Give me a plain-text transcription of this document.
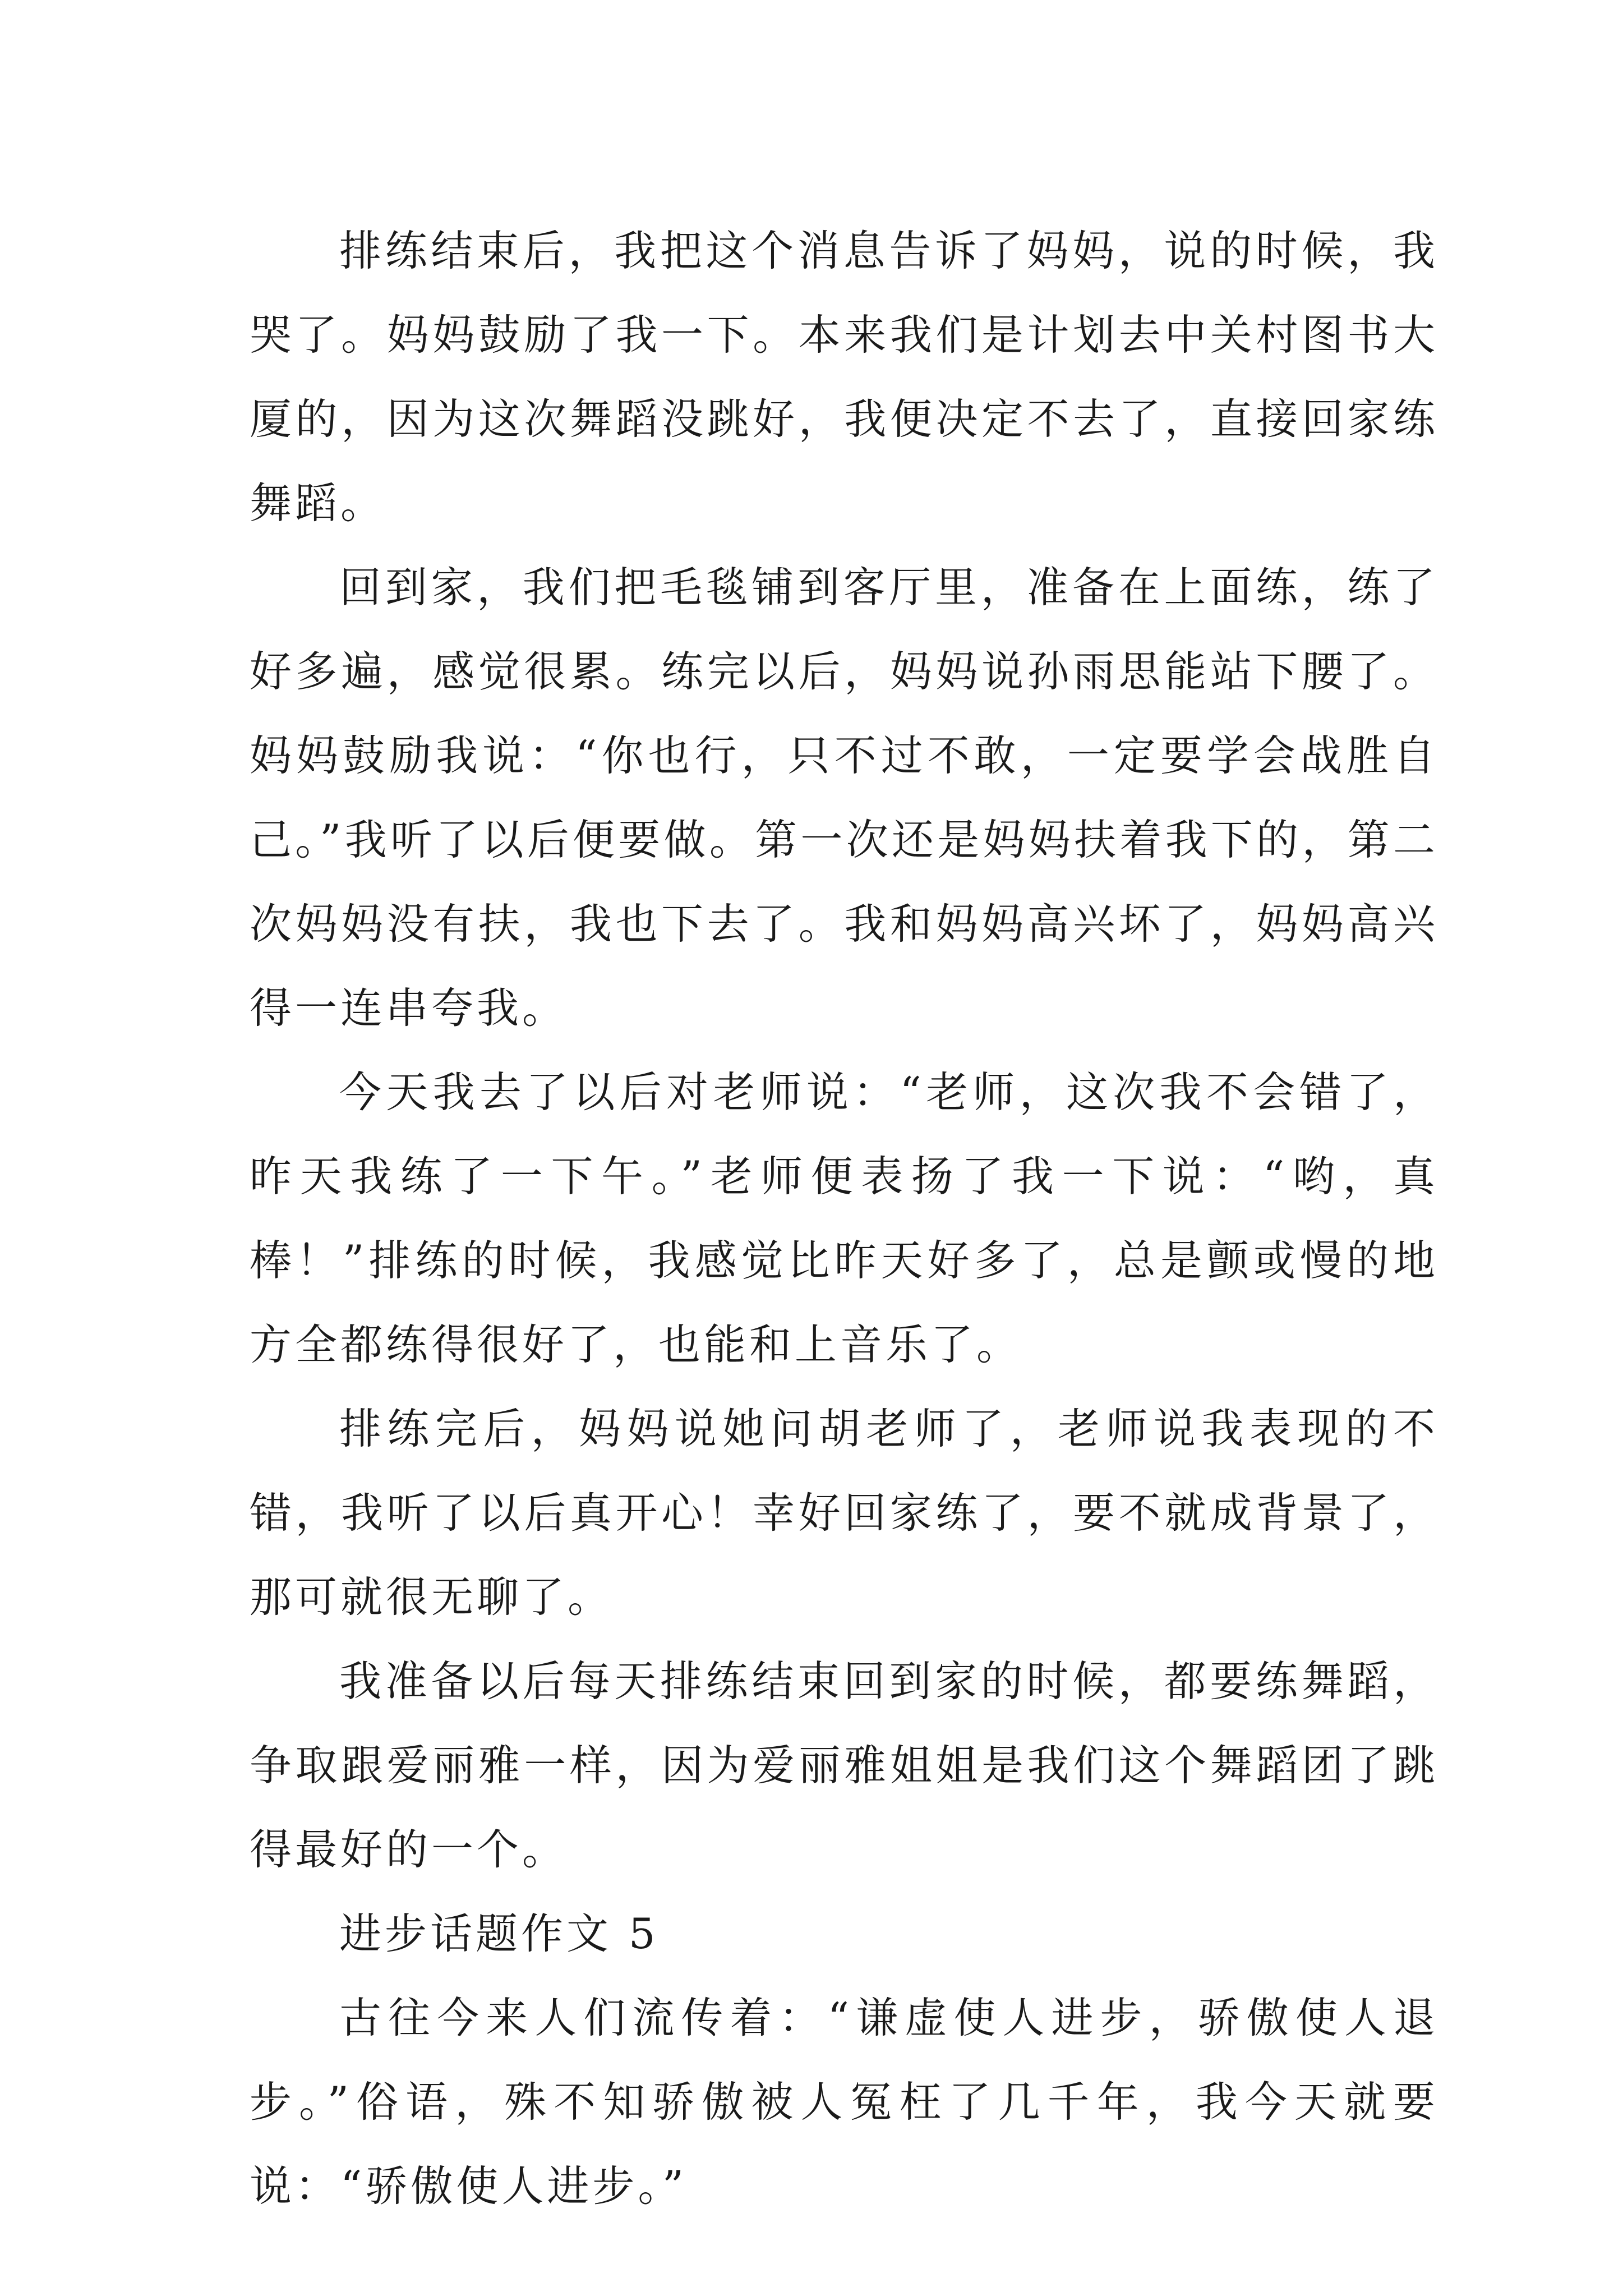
排练结束后，我把这个消息告诉了妈妈，说的时候，我哭了。妈妈鼓励了我一下。本来我们是计划去中关村图书大厦的，因为这次舞蹈没跳好，我便决定不去了，直接回家练舞蹈。

回到家，我们把毛毯铺到客厅里，准备在上面练，练了好多遍，感觉很累。练完以后，妈妈说孙雨思能站下腰了。妈妈鼓励我说：“你也行，只不过不敢，一定要学会战胜自己。”我听了以后便要做。第一次还是妈妈扶着我下的，第二次妈妈没有扶，我也下去了。我和妈妈高兴坏了，妈妈高兴得一连串夸我。

今天我去了以后对老师说：“老师，这次我不会错了，昨天我练了一下午。”老师便表扬了我一下说：“哟，真棒！”排练的时候，我感觉比昨天好多了，总是颤或慢的地方全都练得很好了，也能和上音乐了。

排练完后，妈妈说她问胡老师了，老师说我表现的不错，我听了以后真开心！幸好回家练了，要不就成背景了，那可就很无聊了。

我准备以后每天排练结束回到家的时候，都要练舞蹈，争取跟爱丽雅一样，因为爱丽雅姐姐是我们这个舞蹈团了跳得最好的一个。

进步话题作文 5

古往今来人们流传着：“谦虚使人进步，骄傲使人退步。”俗语，殊不知骄傲被人冤枉了几千年，我今天就要说：“骄傲使人进步。”
